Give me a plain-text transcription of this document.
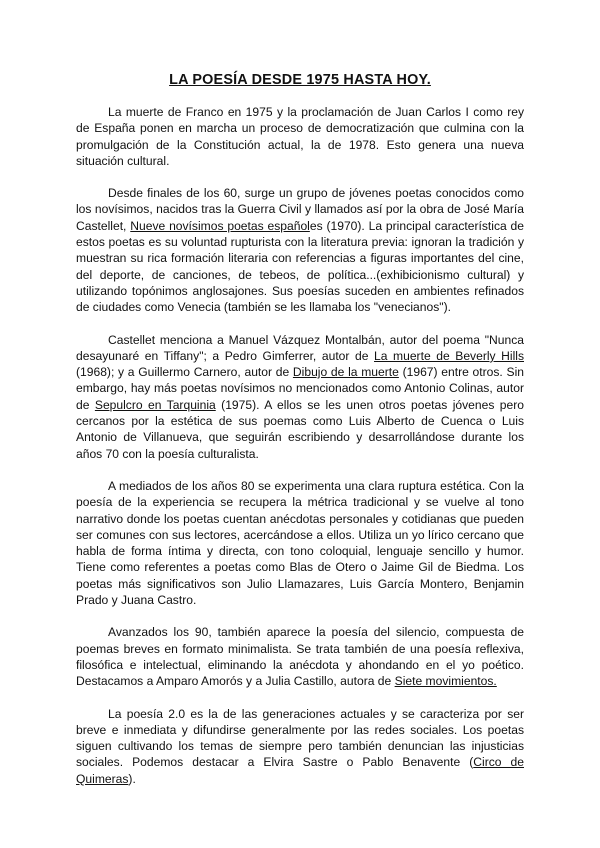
LA POESÍA DESDE 1975 HASTA HOY.

La muerte de Franco en 1975 y la proclamación de Juan Carlos I como rey de España ponen en marcha un proceso de democratización que culmina con la promulgación de la Constitución actual, la de 1978. Esto genera una nueva situación cultural.

Desde finales de los 60, surge un grupo de jóvenes poetas conocidos como los novísimos, nacidos tras la Guerra Civil y llamados así por la obra de José María Castellet, Nueve novísimos poetas españoles (1970). La principal característica de estos poetas es su voluntad rupturista con la literatura previa: ignoran la tradición y muestran su rica formación literaria con referencias a figuras importantes del cine, del deporte, de canciones, de tebeos, de política...(exhibicionismo cultural) y utilizando topónimos anglosajones. Sus poesías suceden en ambientes refinados de ciudades como Venecia (también se les llamaba los "venecianos").

Castellet menciona a Manuel Vázquez Montalbán, autor del poema "Nunca desayunaré en Tiffany"; a Pedro Gimferrer, autor de La muerte de Beverly Hills (1968); y a Guillermo Carnero, autor de Dibujo de la muerte (1967) entre otros. Sin embargo, hay más poetas novísimos no mencionados como Antonio Colinas, autor de Sepulcro en Tarquinia (1975). A ellos se les unen otros poetas jóvenes pero cercanos por la estética de sus poemas como Luis Alberto de Cuenca o Luis Antonio de Villanueva, que seguirán escribiendo y desarrollándose durante los años 70 con la poesía culturalista.

A mediados de los años 80 se experimenta una clara ruptura estética. Con la poesía de la experiencia se recupera la métrica tradicional y se vuelve al tono narrativo donde los poetas cuentan anécdotas personales y cotidianas que pueden ser comunes con sus lectores, acercándose a ellos. Utiliza un yo lírico cercano que habla de forma íntima y directa, con tono coloquial, lenguaje sencillo y humor. Tiene como referentes a poetas como Blas de Otero o Jaime Gil de Biedma. Los poetas más significativos son Julio Llamazares, Luis García Montero, Benjamin Prado y Juana Castro.

Avanzados los 90, también aparece la poesía del silencio, compuesta de poemas breves en formato minimalista. Se trata también de una poesía reflexiva, filosófica e intelectual, eliminando la anécdota y ahondando en el yo poético. Destacamos a Amparo Amorós y a Julia Castillo, autora de Siete movimientos.

La poesía 2.0 es la de las generaciones actuales y se caracteriza por ser breve e inmediata y difundirse generalmente por las redes sociales. Los poetas siguen cultivando los temas de siempre pero también denuncian las injusticias sociales. Podemos destacar a Elvira Sastre o Pablo Benavente (Circo de Quimeras).
